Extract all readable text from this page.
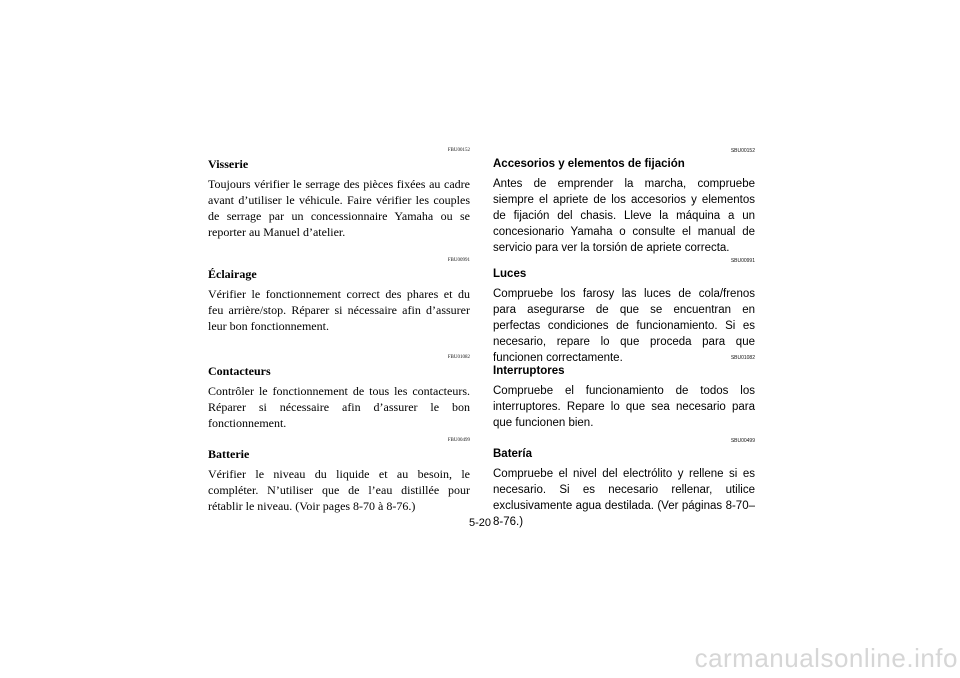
FBU00152
Visserie
Toujours vérifier le serrage des pièces fixées au cadre avant d’utiliser le véhicule. Faire vérifier les couples de serrage par un concessionnaire Yamaha ou se reporter au Manuel d’atelier.
FBU00991
Éclairage
Vérifier le fonctionnement correct des phares et du feu arrière/stop. Réparer si nécessaire afin d’assurer leur bon fonctionnement.
FBU01082
Contacteurs
Contrôler le fonctionnement de tous les contacteurs. Réparer si nécessaire afin d’assurer le bon fonctionnement.
FBU00499
Batterie
Vérifier le niveau du liquide et au besoin, le compléter. N’utiliser que de l’eau distillée pour rétablir le niveau. (Voir pages 8-70 à 8-76.)
SBU00152
Accesorios y elementos de fijación
Antes de emprender la marcha, compruebe siempre el apriete de los accesorios y elementos de fijación del chasis. Lleve la máquina a un concesionario Yamaha o consulte el manual de servicio para ver la torsión de apriete correcta.
SBU00991
Luces
Compruebe los farosy las luces de cola/frenos para asegurarse de que se encuentran en perfectas condiciones de funcionamiento. Si es necesario, repare lo que proceda para que funcionen correctamente.	SBU01082
Interruptores
Compruebe el funcionamiento de todos los interruptores. Repare lo que sea necesario para que funcionen bien.
SBU00499
Batería
Compruebe el nivel del electrólito y rellene si es necesario. Si es necesario rellenar, utilice exclusivamente agua destilada. (Ver páginas 8-70–8-76.)
5-20
carmanualsonline.info
